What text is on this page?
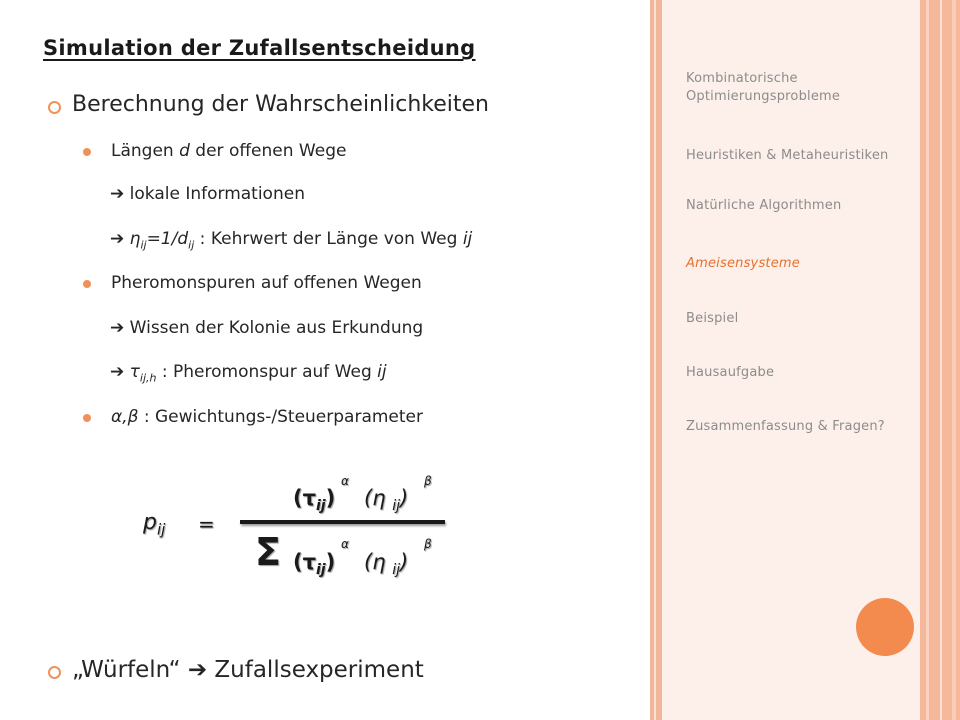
Kombinatorische Optimierungsprobleme
Heuristiken & Metaheuristiken
Natürliche Algorithmen
Ameisensysteme
Beispiel
Hausaufgabe
Zusammenfassung & Fragen?
Simulation der Zufallsentscheidung
Berechnung der Wahrscheinlichkeiten
Längen d der offenen Wege
➔ lokale Informationen
➔ $\eta_{ij}=1/d_{ij}$ : Kehrwert der Länge von Weg ij
Pheromonspuren auf offenen Wegen
➔ Wissen der Kolonie aus Erkundung
➔ $\tau_{ij,h}$ : Pheromonspur auf Weg ij
α,β : Gewichtungs-/Steuerparameter
$p_{ij}$ =
$(\tau_{ij})$
α
(η $_{ij}$)
β
Σ $(\tau_{ij})$
α
(η $_{ij}$)
β
„Würfeln“ ➔ Zufallsexperiment
